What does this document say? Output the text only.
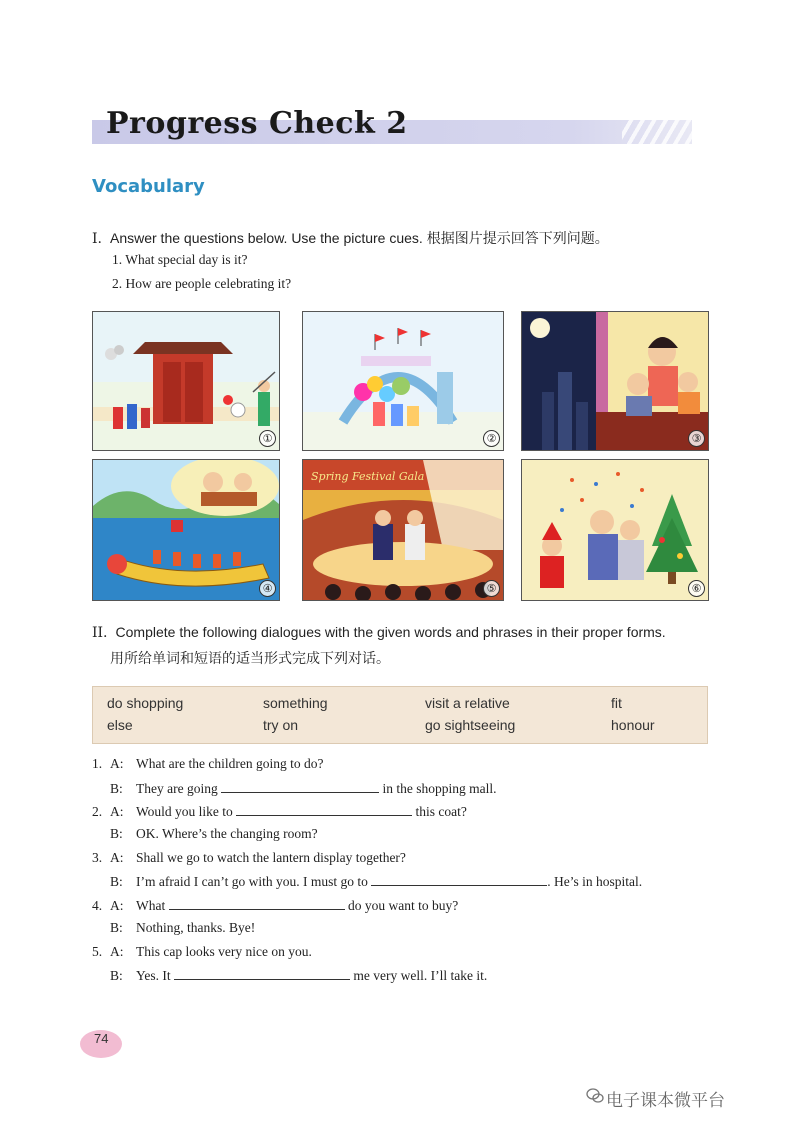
Progress Check 2
Vocabulary
I. Answer the questions below. Use the picture cues. 根据图片提示回答下列问题。
1. What special day is it?
2. How are people celebrating it?
①	②	③
④
Spring Festival Gala
⑤	⑥
II. Complete the following dialogues with the given words and phrases in their proper forms.
用所给单词和短语的适当形式完成下列对话。
do shopping	something	visit a relative	fit
else	try on	go sightseeing	honour
1. A: What are the children going to do?
B: They are going	in the shopping mall.
2. A: Would you like to	this coat?
B: OK. Where’s the changing room?
3. A: Shall we go to watch the lantern display together?
B: I’m afraid I can’t go with you. I must go to	. He’s in hospital.
4. A: What	do you want to buy?
B: Nothing, thanks. Bye!
5. A: This cap looks very nice on you.
B: Yes. It	me very well. I’ll take it.
74
电子课本微平台
